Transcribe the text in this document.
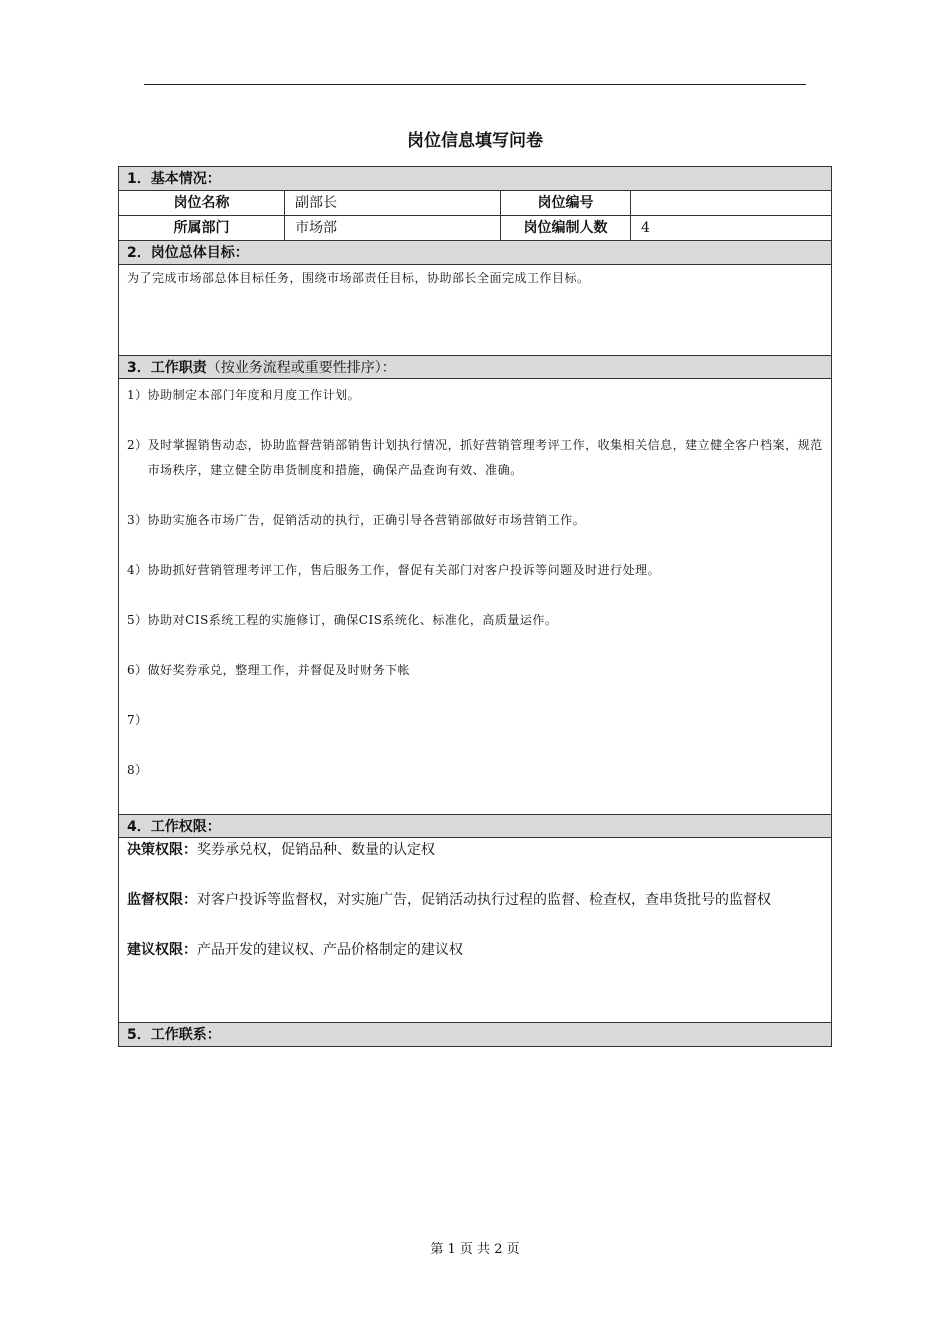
岗位信息填写问卷
1．基本情况：
岗位名称	副部长	岗位编号
所属部门	市场部	岗位编制人数	4
2．岗位总体目标：
为了完成市场部总体目标任务，围绕市场部责任目标，协助部长全面完成工作目标。
3．工作职责（按业务流程或重要性排序）：
1） 协助制定本部门年度和月度工作计划。
2） 及时掌握销售动态，协助监督营销部销售计划执行情况，抓好营销管理考评工作，收集相关信息，建立健全客户档案，规范市场秩序，建立健全防串货制度和措施，确保产品查询有效、准确。
3） 协助实施各市场广告，促销活动的执行，正确引导各营销部做好市场营销工作。
4） 协助抓好营销管理考评工作，售后服务工作，督促有关部门对客户投诉等问题及时进行处理。
5） 协助对CIS系统工程的实施修订，确保CIS系统化、标准化，高质量运作。
6） 做好奖券承兑，整理工作，并督促及时财务下帐
7）
8）
4．工作权限：
决策权限： 奖券承兑权，促销品种、数量的认定权
监督权限： 对客户投诉等监督权，对实施广告，促销活动执行过程的监督、检查权，查串货批号的监督权
建议权限： 产品开发的建议权、产品价格制定的建议权
5．工作联系：
第 1 页 共 2 页
